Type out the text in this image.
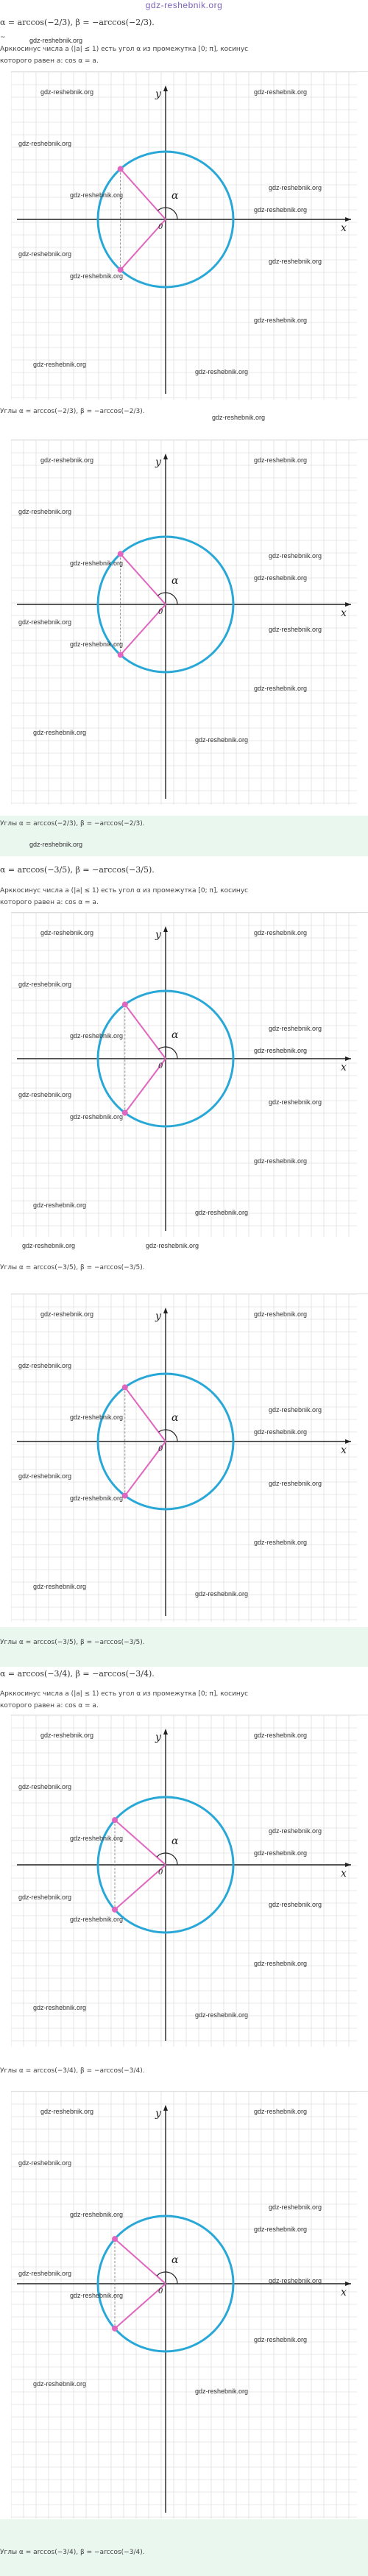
gdz-reshebnik.org
α = arccos(−2/3), β = −arccos(−2/3).
gdz-reshebnik.org
~
Арккосинус числа a (|a| ≤ 1) есть угол α из промежутка [0; π], косинус
которого равен a: cos α = a.
y
x
α
0
gdz-reshebnik.org	gdz-reshebnik.org
gdz-reshebnik.org
gdz-reshebnik.org
gdz-reshebnik.org
gdz-reshebnik.org
gdz-reshebnik.org
gdz-reshebnik.org
gdz-reshebnik.org
gdz-reshebnik.org
gdz-reshebnik.org
gdz-reshebnik.org
Углы α = arccos(−2/3), β = −arccos(−2/3).
gdz-reshebnik.org
y
x
α
0
gdz-reshebnik.org	gdz-reshebnik.org
gdz-reshebnik.org
gdz-reshebnik.org
gdz-reshebnik.org
gdz-reshebnik.org
gdz-reshebnik.org
gdz-reshebnik.org
gdz-reshebnik.org
gdz-reshebnik.org
gdz-reshebnik.org
gdz-reshebnik.org
Углы α = arccos(−2/3), β = −arccos(−2/3).
gdz-reshebnik.org
α = arccos(−3/5), β = −arccos(−3/5).
Арккосинус числа a (|a| ≤ 1) есть угол α из промежутка [0; π], косинус
которого равен a: cos α = a.
y
x
α
0
gdz-reshebnik.org	gdz-reshebnik.org
gdz-reshebnik.org
gdz-reshebnik.org
gdz-reshebnik.org
gdz-reshebnik.org
gdz-reshebnik.org
gdz-reshebnik.org
gdz-reshebnik.org
gdz-reshebnik.org
gdz-reshebnik.org
gdz-reshebnik.org
gdz-reshebnik.org	gdz-reshebnik.org
Углы α = arccos(−3/5), β = −arccos(−3/5).
y
x
α
0
gdz-reshebnik.org	gdz-reshebnik.org
gdz-reshebnik.org
gdz-reshebnik.org
gdz-reshebnik.org
gdz-reshebnik.org
gdz-reshebnik.org
gdz-reshebnik.org
gdz-reshebnik.org
gdz-reshebnik.org
gdz-reshebnik.org
gdz-reshebnik.org
Углы α = arccos(−3/5), β = −arccos(−3/5).
α = arccos(−3/4), β = −arccos(−3/4).
Арккосинус числа a (|a| ≤ 1) есть угол α из промежутка [0; π], косинус
которого равен a: cos α = a.
y
x
α
0
gdz-reshebnik.org	gdz-reshebnik.org
gdz-reshebnik.org
gdz-reshebnik.org
gdz-reshebnik.org
gdz-reshebnik.org
gdz-reshebnik.org
gdz-reshebnik.org
gdz-reshebnik.org
gdz-reshebnik.org
gdz-reshebnik.org
gdz-reshebnik.org
Углы α = arccos(−3/4), β = −arccos(−3/4).
y
x
α
0
gdz-reshebnik.org	gdz-reshebnik.org
gdz-reshebnik.org
gdz-reshebnik.org
gdz-reshebnik.org
gdz-reshebnik.org
gdz-reshebnik.org
gdz-reshebnik.org
gdz-reshebnik.org
gdz-reshebnik.org
gdz-reshebnik.org
gdz-reshebnik.org
Углы α = arccos(−3/4), β = −arccos(−3/4).
